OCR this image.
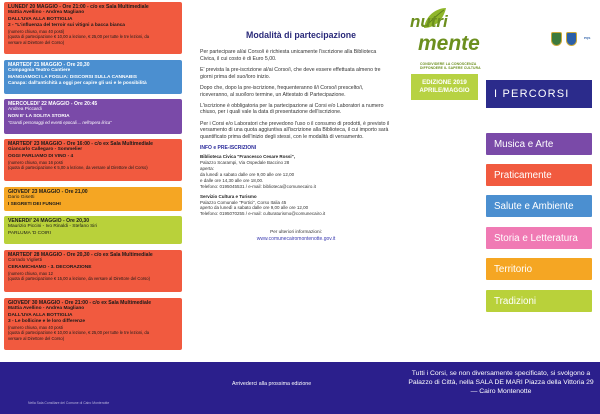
LUNEDI' 20 MAGGIO - Ore 21:00 - c/o ex Sala Multimediale
Mattia Avellino - Andrea Magliano
DALL'UVA ALLA BOTTIGLIA
2 - "L'influenza del terroir sui vitigni a bacca bianca
(numero chiuso, max 40 posti)
(quota di partecipazione € 10,00 a lezione, € 25,00 per tutte le tre lezioni, da
versare al Direttore del Corso)
MARTEDI' 21 MAGGIO - Ore 20,30
Compagnia Teatro Cantiere
MANGIAMOCI LA FOGLIA: DISCORSI SULLA CANNABIS
Canapa: dall'antichità a oggi per capire gli usi e le possibilità
MERCOLEDI' 22 MAGGIO - Ore 20:45
Andrea Piccardi
NON E' LA SOLITA STORIA
"Grandi personaggi ed eventi epocali.... nell'opera lirica"
MARTEDI' 23 MAGGIO - Ore 16:00 - c/o ex Sala Multimediale
Giancarlo Callegaro - Sommelier
OGGI PARLIAMO DI VINO - 4
(numero chiuso, max 16 posti
(quota di partecipazione € 5,00 a lezione, da versare al Direttore del Corso)
GIOVEDI' 23 MAGGIO - Ore 21,00
Dario Gisetti
I SEGRETI DEI FUNGHI
VENERDI' 24 MAGGIO - Ore 20,30
Maurizio Piccini - Ivo Rinaldi - Stefano Siri
PARLUMA 'D COIRI
MARTEDI' 28 MAGGIO - Ore 20,30 - c/o ex Sala Multimediale
Corrado Viglietti
CERAMICHIAMO - 3. DECORAZIONE
(numero chiuso, max 12
(quota di partecipazione € 15,00 a lezione, da versare al Direttore del Corso)
GIOVEDI' 30 MAGGIO - Ore 21:00 - c/o ex Sala Multimediale
Mattia Avellino - Andrea Magliano
DALL'UVA ALLA BOTTIGLIA
3 - Le bollicine e le loro differenze
(numero chiuso, max 40 posti
(quota di partecipazione € 10,00 a lezione, € 25,00 per tutte le tre lezioni, da
versare al Direttore del Corso)
Modalità di partecipazione

Per partecipare al/ai Corso/i è richiesta unicamente l'iscrizione alla Biblioteca Civica, il cui costo è di Euro 5,00.

E' prevista la pre-iscrizione al/ai Corso/i, che deve essere effettuata almeno tre giorni prima del suo/loro inizio.

Dopo che, dopo la pre-iscrizione, frequenteranno il/i Corso/i prescelto/i, riceveranno, al suo/loro termine, un Attestato di Partecipazione.

L'iscrizione è obbligatoria per la partecipazione ai Corsi e/o Laboratori a numero chiuso, per i quali vale la data di presentazione dell'iscrizione.

Per i Corsi e/o Laboratori che prevedono l'uso o il consumo di prodotti, è previsto il versamento di una quota aggiuntiva all'iscrizione alla Biblioteca, il cui importo sarà quantificato prima dell'inizio degli stessi, con le modalità di versamento.

INFO e PRE-ISCRIZIONI
Biblioteca Civica "Francesco Cesare Rossi",
Palazzo Scarampi, Via Ospedale Baccino 28
aperta:
da lunedì a sabato dalle ore 9,00 alle ore 12,00
e dalle ore 14,30 alle ore 18,00.
Telefono: 0195045531 / e-mail: biblioteca@comunecairo.it
Servizio Cultura e Turismo
Palazzo Comunale "Portici", Corso Italia 45
aperto da lunedì a sabato dalle ore 9,00 alle ore 12,00
Telefono: 0195070255 / e-mail: culturaturismo@comunecairo.it
Per ulteriori informazioni:
www.comunecairomontenotte.gov.it
nutri
mente
CONDIVIDERE LA CONOSCENZA DIFFONDERE IL SAPERE CULTURA
PQS
EDIZIONE 2019
APRILE/MAGGIO	I PERCORSI
Musica e Arte
Praticamente
Salute e Ambiente
Storia e Letteratura
Territorio
Tradizioni
Nella Sala Consiliare del Comune di Cairo Montenotte
Arrivederci alla prossima edizione
Tutti i Corsi, se non diversamente specificato, si svolgono a Palazzo di Città, nella SALA DE MARI Piazza della Vittoria 29 — Cairo Montenotte
